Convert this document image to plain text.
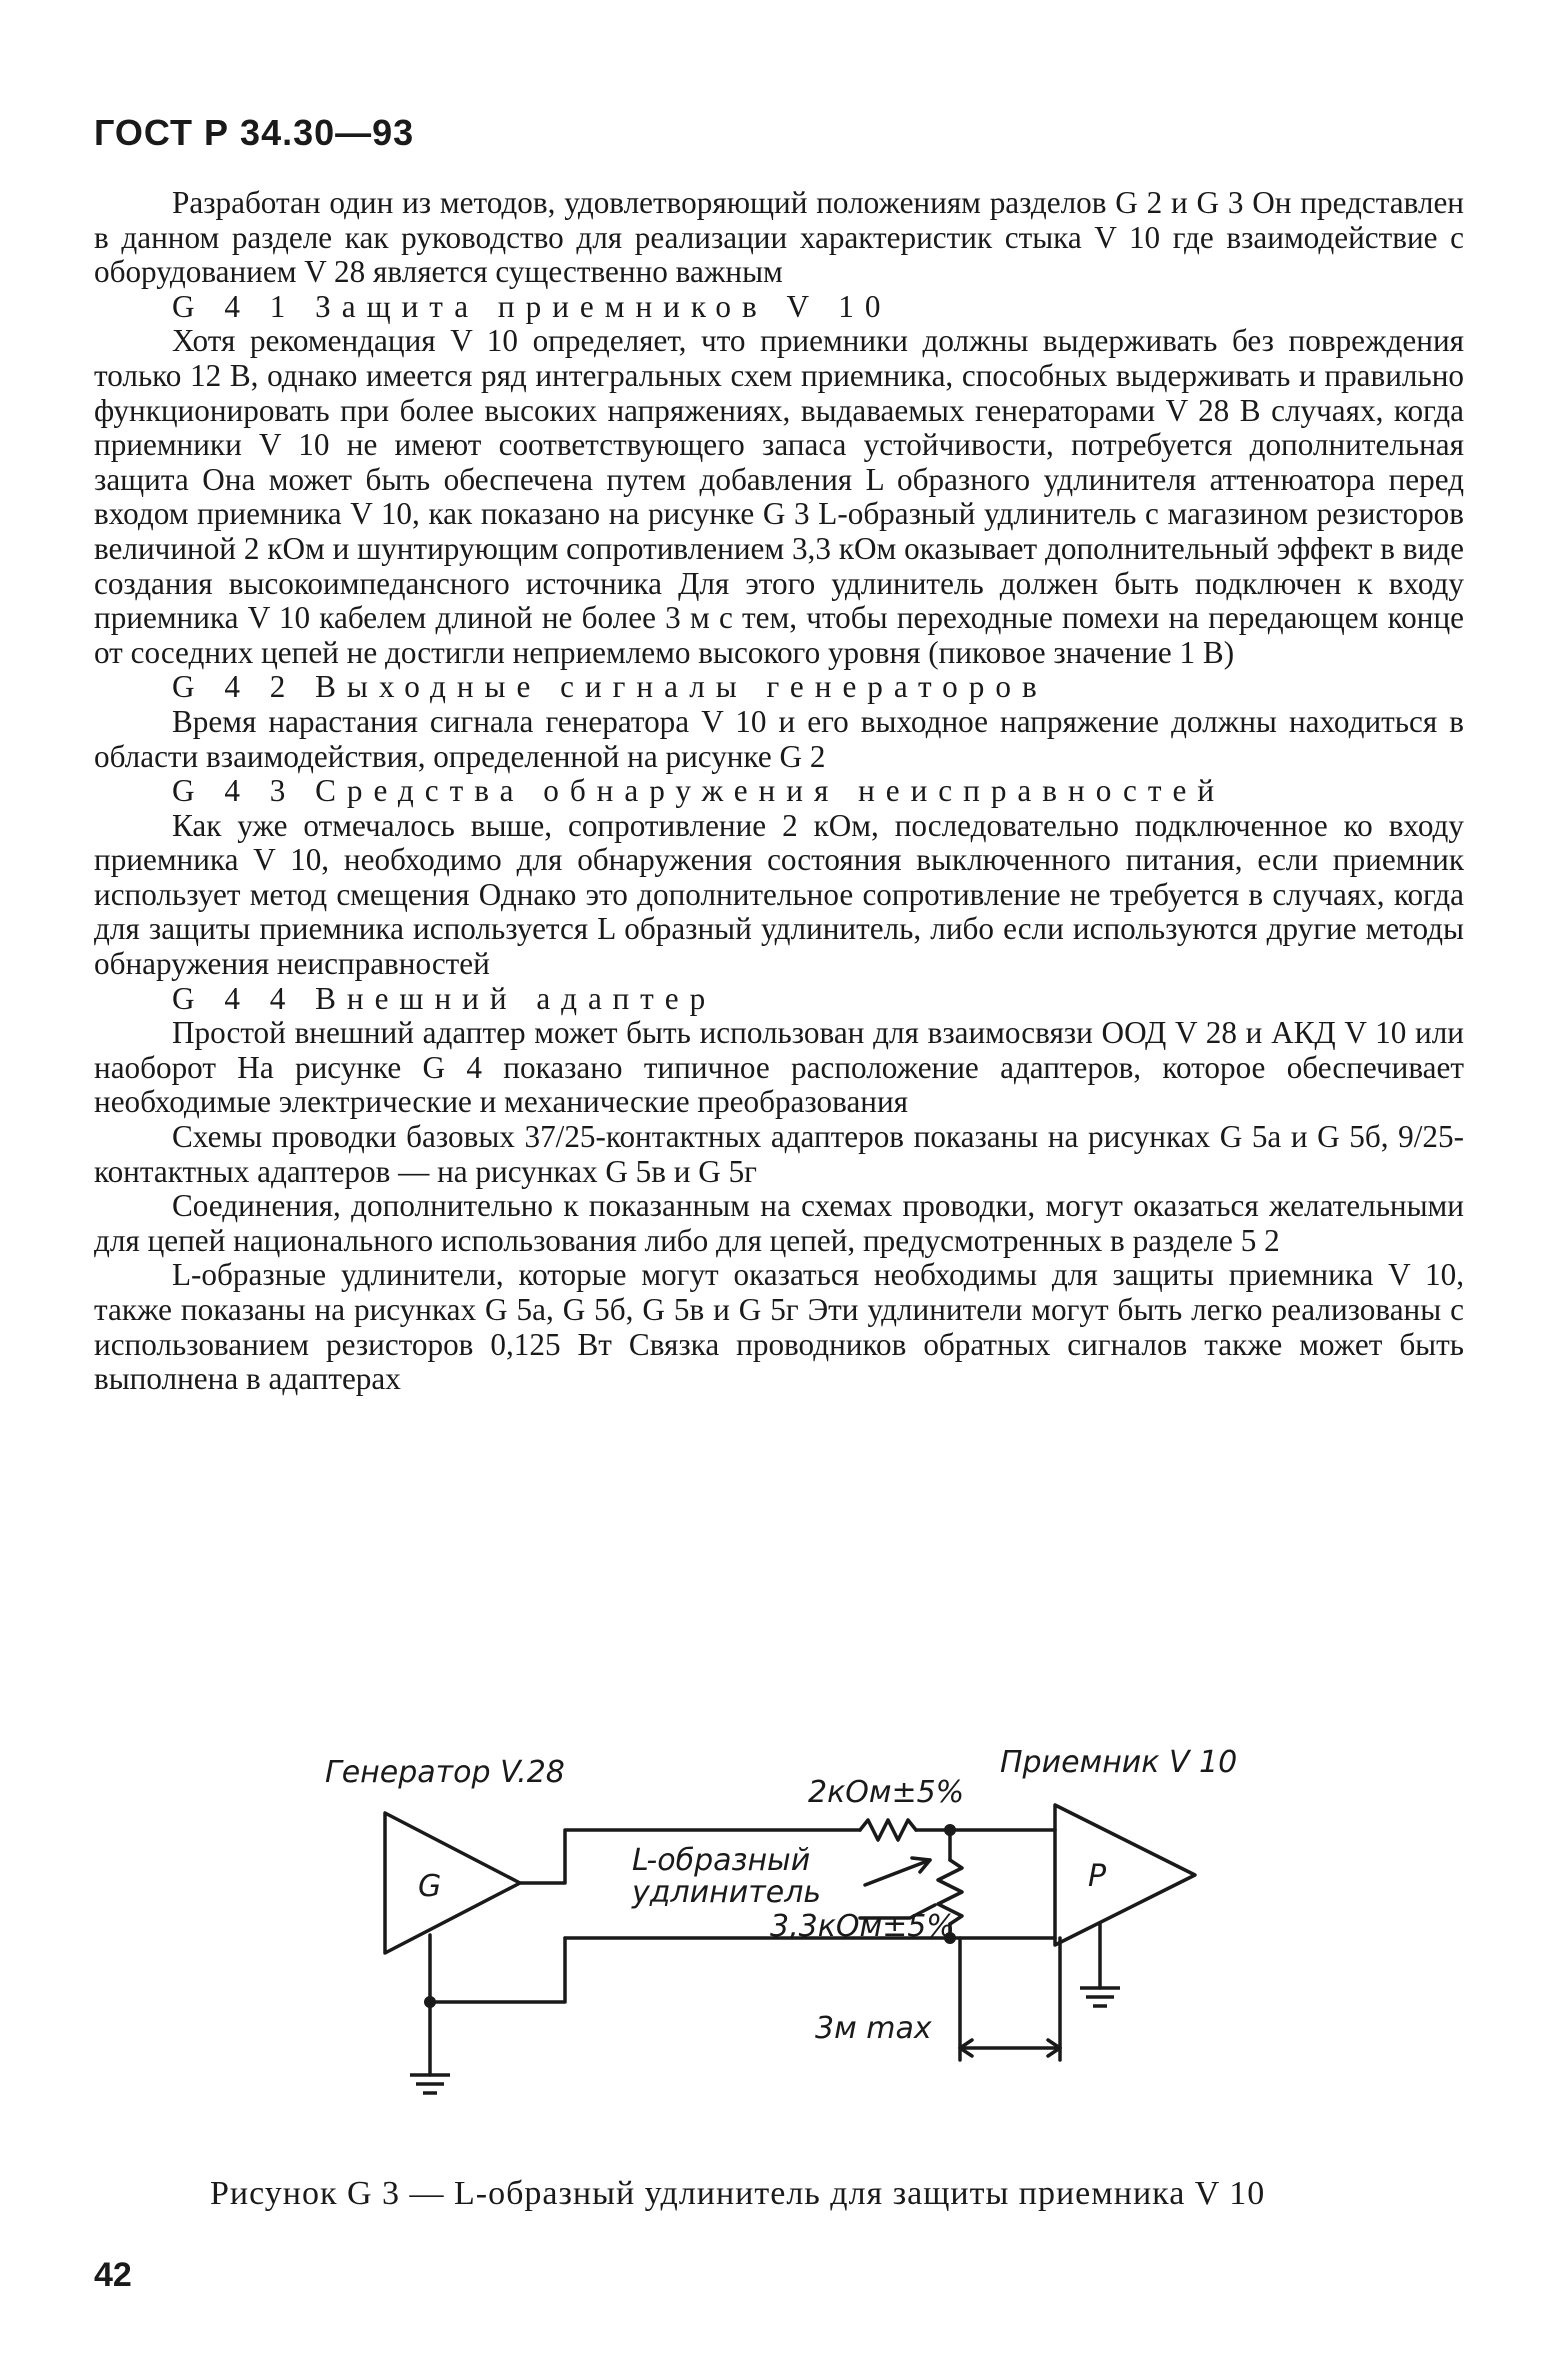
ГОСТ Р 34.30—93

Разработан один из методов, удовлетворяющий положениям разделов G 2 и G 3 Он представлен в данном разделе как руководство для реализации характеристик стыка V 10 где взаимодействие с оборудованием V 28 является существенно важным

G 4 1 Защита приемников V 10

Хотя рекомендация V 10 определяет, что приемники должны выдерживать без повреждения только 12 В, однако имеется ряд интегральных схем приемника, способных выдерживать и правильно функционировать при более высоких напряжениях, выдаваемых генераторами V 28 В случаях, когда приемники V 10 не имеют соответствующего запаса устойчивости, потребуется дополнительная защита Она может быть обеспечена путем добавления L образного удлинителя аттенюатора перед входом приемника V 10, как показано на рисунке G 3 L-образный удлинитель с магазином резисторов величиной 2 кОм и шунтирующим сопротивлением 3,3 кОм оказывает дополнительный эффект в виде создания высокоимпедансного источника Для этого удлинитель должен быть подключен к входу приемника V 10 кабелем длиной не более 3 м с тем, чтобы переходные помехи на передающем конце от соседних цепей не достигли неприемлемо высокого уровня (пиковое значение 1 В)

G 4 2 Выходные сигналы генераторов

Время нарастания сигнала генератора V 10 и его выходное напряжение должны находиться в области взаимодействия, определенной на рисунке G 2

G 4 3 Средства обнаружения неисправностей

Как уже отмечалось выше, сопротивление 2 кОм, последовательно подключенное ко входу приемника V 10, необходимо для обнаружения состояния выключенного питания, если приемник использует метод смещения Однако это дополнительное сопротивление не требуется в случаях, когда для защиты приемника используется L образный удлинитель, либо если используются другие методы обнаружения неисправностей

G 4 4 Внешний адаптер

Простой внешний адаптер может быть использован для взаимосвязи ООД V 28 и АКД V 10 или наоборот На рисунке G 4 показано типичное расположение адаптеров, которое обеспечивает необходимые электрические и механические преобразования

Схемы проводки базовых 37/25-контактных адаптеров показаны на рисунках G 5а и G 5б, 9/25-контактных адаптеров — на рисунках G 5в и G 5г

Соединения, дополнительно к показанным на схемах проводки, могут оказаться желательными для цепей национального использования либо для цепей, предусмотренных в разделе 5 2

L-образные удлинители, которые могут оказаться необходимы для защиты приемника V 10, также показаны на рисунках G 5а, G 5б, G 5в и G 5г Эти удлинители могут быть легко реализованы с использованием резисторов 0,125 Вт Связка проводников обратных сигналов также может быть выполнена в адаптерах

Генератор V.28	Приемник V 10
G	P
2кОм±5%
L-образный
удлинитель
3,3кОм±5%
3м max
Рисунок G 3 — L-образный удлинитель для защиты приемника V 10
42
